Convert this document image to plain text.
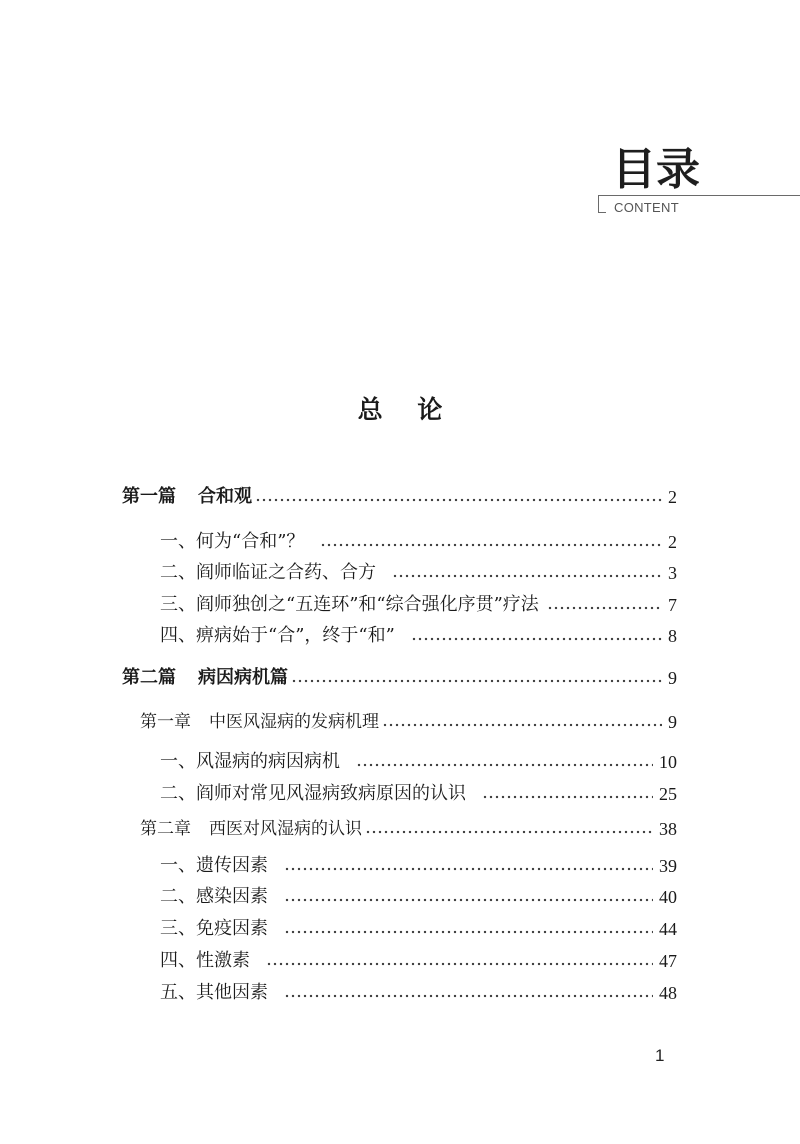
目录
CONTENT
总 论
第一篇 合和观	2
一、何为“合和”？	2
二、阎师临证之合药、合方	3
三、阎师独创之“五连环”和“综合强化序贯”疗法	7
四、痹病始于“合”，终于“和”	8
第二篇 病因病机篇	9
第一章 中医风湿病的发病机理	9
一、风湿病的病因病机	10
二、阎师对常见风湿病致病原因的认识	25
第二章 西医对风湿病的认识	38
一、遗传因素	39
二、感染因素	40
三、免疫因素	44
四、性激素	47
五、其他因素	48
1
